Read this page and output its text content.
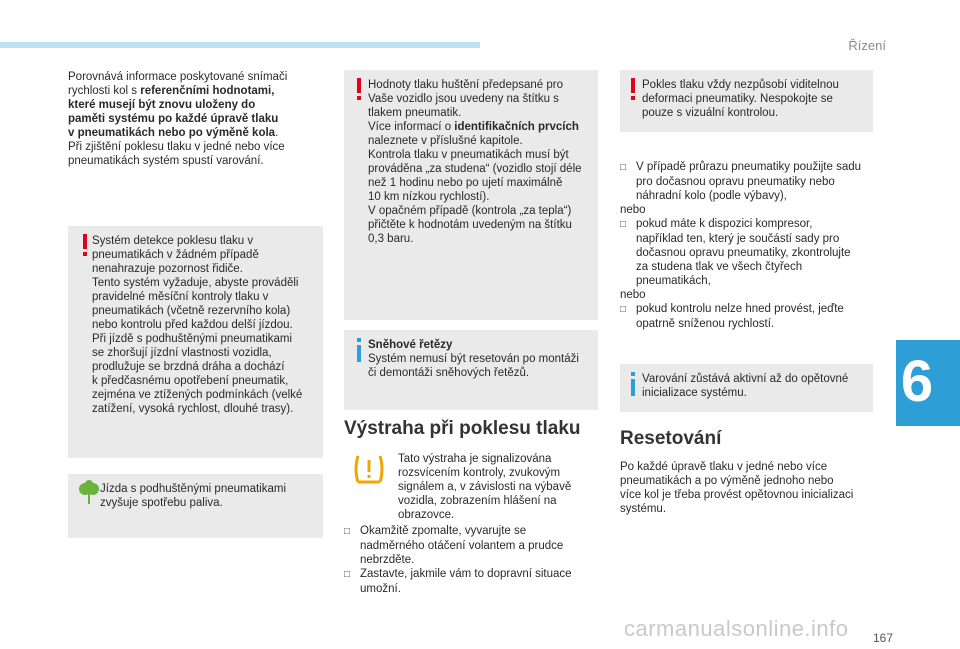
Řízení
6

Porovnává informace poskytované snímači

rychlosti kol s referenčními hodnotami,

které musejí být znovu uloženy do

paměti systému po každé úpravě tlaku

v pneumatikách nebo po výměně kola.

Při zjištění poklesu tlaku v jedné nebo více

pneumatikách systém spustí varování.

Systém detekce poklesu tlaku v

pneumatikách v žádném případě

nenahrazuje pozornost řidiče.

Tento systém vyžaduje, abyste prováděli

pravidelné měsíční kontroly tlaku v

pneumatikách (včetně rezervního kola)

nebo kontrolu před každou delší jízdou.

Při jízdě s podhuštěnými pneumatikami

se zhoršují jízdní vlastnosti vozidla,

prodlužuje se brzdná dráha a dochází

k předčasnému opotřebení pneumatik,

zejména ve ztížených podmínkách (velké

zatížení, vysoká rychlost, dlouhé trasy).

Jízda s podhuštěnými pneumatikami

zvyšuje spotřebu paliva.

Hodnoty tlaku huštění předepsané pro

Vaše vozidlo jsou uvedeny na štítku s

tlakem pneumatik.

Více informací o identifikačních prvcích

naleznete v příslušné kapitole.

Kontrola tlaku v pneumatikách musí být

prováděna „za studena“ (vozidlo stojí déle

než 1 hodinu nebo po ujetí maximálně

10 km nízkou rychlostí).

V opačném případě (kontrola „za tepla“)

přičtěte k hodnotám uvedeným na štítku

0,3 baru.

Sněhové řetězy

Systém nemusí být resetován po montáži

či demontáži sněhových řetězů.

Výstraha při poklesu tlaku

Tato výstraha je signalizována

rozsvícením kontroly, zvukovým

signálem a, v závislosti na výbavě

vozidla, zobrazením hlášení na

obrazovce.

□ Okamžitě zpomalte, vyvarujte se

nadměrného otáčení volantem a prudce

nebrzděte.

□ Zastavte, jakmile vám to dopravní situace

umožní.

Pokles tlaku vždy nezpůsobí viditelnou

deformaci pneumatiky. Nespokojte se

pouze s vizuální kontrolou.

□ V případě průrazu pneumatiky použijte sadu

pro dočasnou opravu pneumatiky nebo

náhradní kolo (podle výbavy),

nebo

□ pokud máte k dispozici kompresor,

například ten, který je součástí sady pro

dočasnou opravu pneumatiky, zkontrolujte

za studena tlak ve všech čtyřech

pneumatikách,

nebo

□ pokud kontrolu nelze hned provést, jeďte

opatrně sníženou rychlostí.

Varování zůstává aktivní až do opětovné

inicializace systému.

Resetování

Po každé úpravě tlaku v jedné nebo více

pneumatikách a po výměně jednoho nebo

více kol je třeba provést opětovnou inicializaci

systému.

carmanualsonline.info 167
